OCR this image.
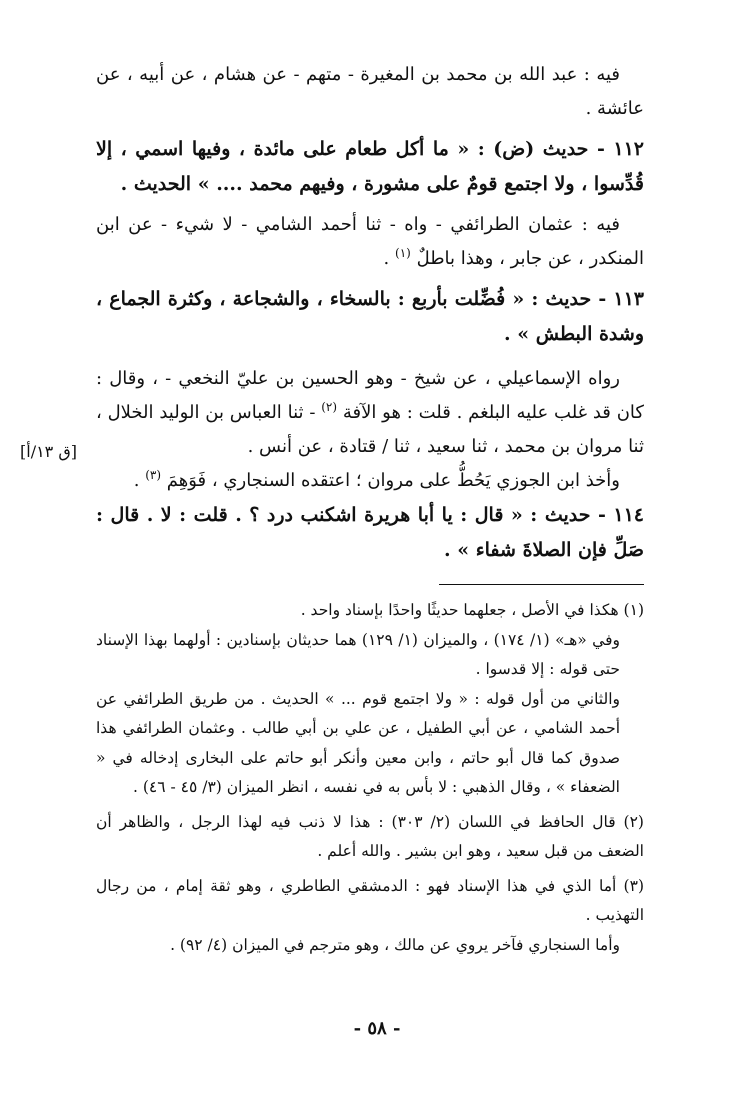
فيه : عبد الله بن محمد بن المغيرة - متهم - عن هشام ، عن أبيه ، عن عائشة .

١١٢ - حديث (ض) : « ما أكل طعام على مائدة ، وفيها اسمي ، إلا قُدِّسوا ، ولا اجتمع قومٌ على مشورة ، وفيهم محمد .... » الحديث .

فيه : عثمان الطرائفي - واه - ثنا أحمد الشامي - لا شيء - عن ابن المنكدر ، عن جابر ، وهذا باطلٌ $^{(١)}$ .

١١٣ - حديث : « فُضِّلت بأربع : بالسخاء ، والشجاعة ، وكثرة الجماع ، وشدة البطش » .

رواه الإسماعيلي ، عن شيخ - وهو الحسين بن عليّ النخعي - ، وقال : كان قد غلب عليه البلغم . قلت : هو الآفة $^{(٢)}$ - ثنا العباس بن الوليد الخلال ، ثنا مروان بن محمد ، ثنا سعيد ، ثنا / قتادة ، عن أنس .

وأخذ ابن الجوزي يَحُطُّ على مروان ؛ اعتقده السنجاري ، فَوَهِمَ $^{(٣)}$ .

١١٤ - حديث : « قال : يا أبا هريرة اشكنب درد ؟ . قلت : لا . قال : صَلِّ فإن الصلاةَ شفاء » .

[ق ١٣/أ]

(١) هكذا في الأصل ، جعلهما حديثًا واحدًا بإسناد واحد .

وفي «هـ» (١/ ١٧٤) ، والميزان (١/ ١٢٩) هما حديثان بإسنادين : أولهما بهذا الإسناد حتى قوله : إلا قدسوا .

والثاني من أول قوله : « ولا اجتمع قوم ... » الحديث . من طريق الطرائفي عن أحمد الشامي ، عن أبي الطفيل ، عن علي بن أبي طالب . وعثمان الطرائفي هذا صدوق كما قال أبو حاتم ، وابن معين وأنكر أبو حاتم على البخارى إدخاله في « الضعفاء » ، وقال الذهبي : لا بأس به في نفسه ، انظر الميزان (٣/ ٤٥ - ٤٦) .

(٢) قال الحافظ في اللسان (٢/ ٣٠٣) : هذا لا ذنب فيه لهذا الرجل ، والظاهر أن الضعف من قبل سعيد ، وهو ابن بشير . والله أعلم .

(٣) أما الذي في هذا الإسناد فهو : الدمشقي الطاطري ، وهو ثقة إمام ، من رجال التهذيب .

وأما السنجاري فآخر يروي عن مالك ، وهو مترجم في الميزان (٤/ ٩٢) .

- ٥٨ -
